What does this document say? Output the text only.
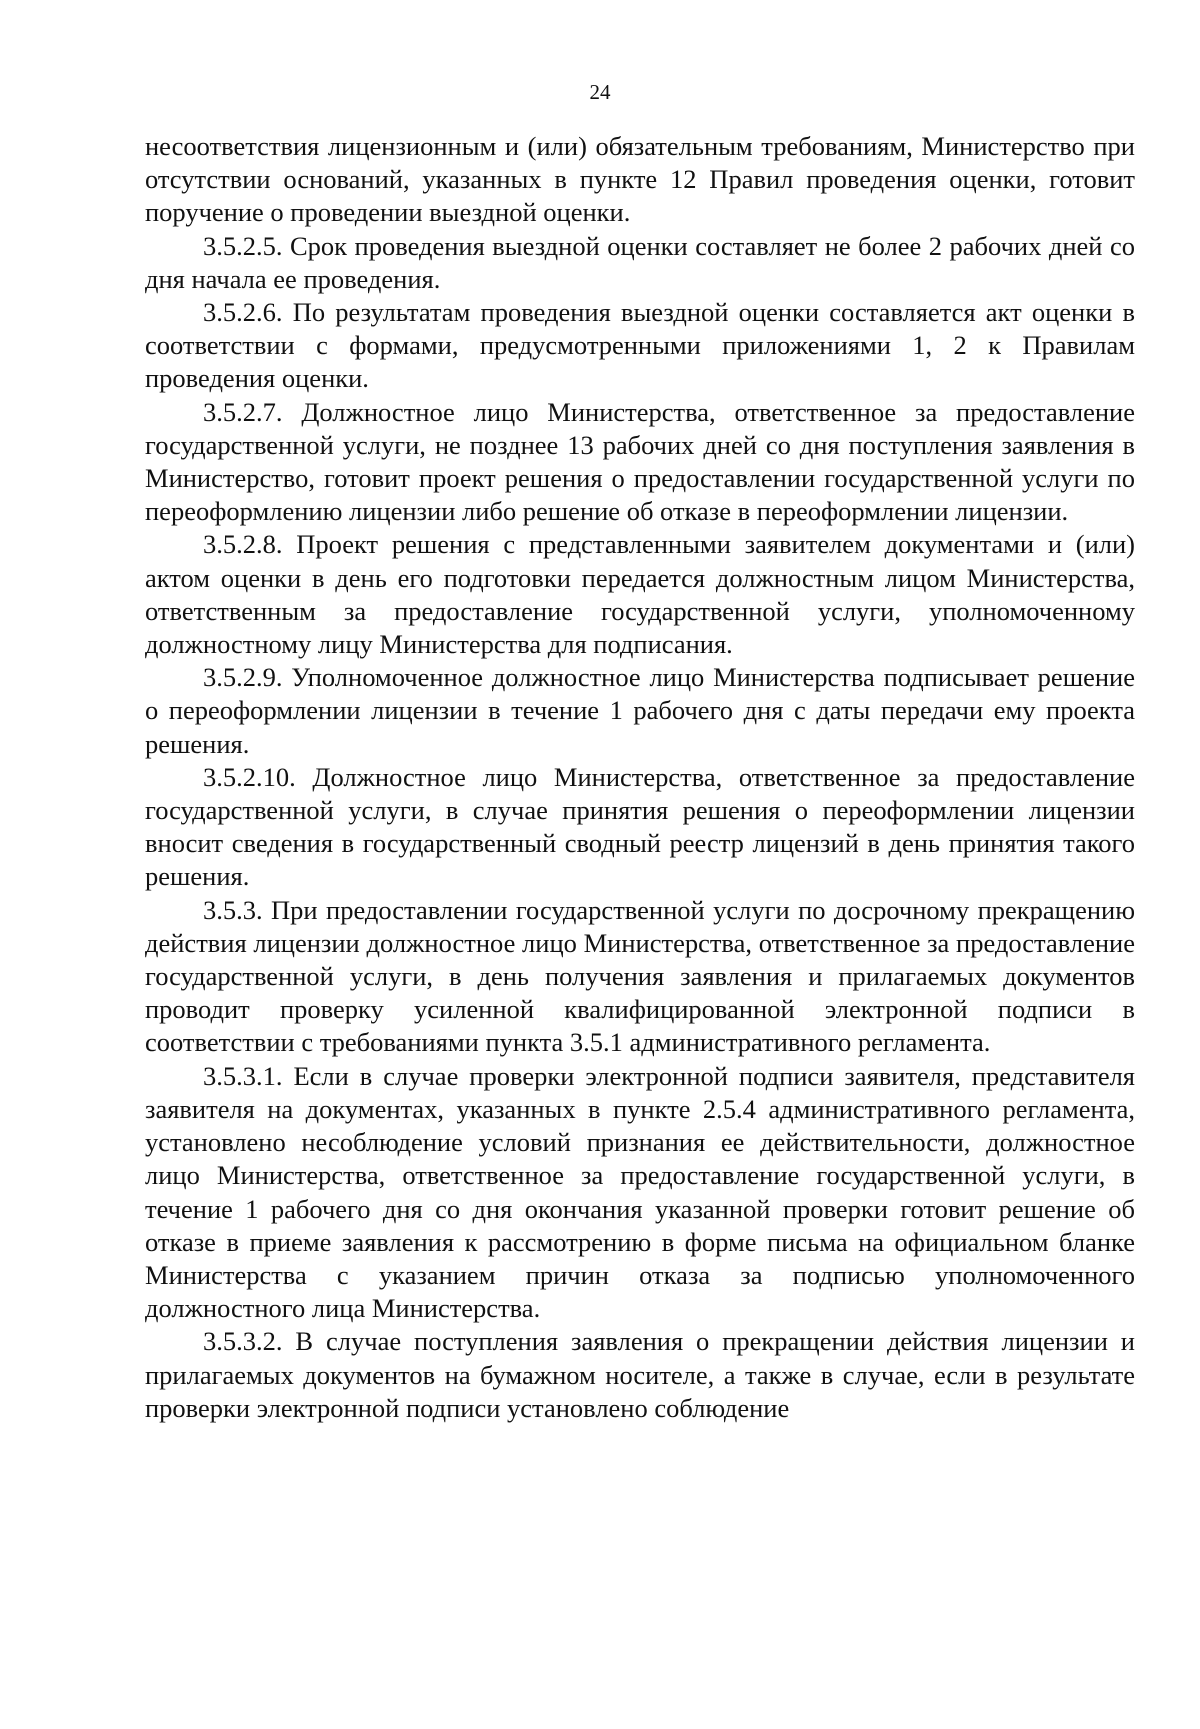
24

несоответствия лицензионным и (или) обязательным требованиям, Министерство при отсутствии оснований, указанных в пункте 12 Правил проведения оценки, готовит поручение о проведении выездной оценки.

3.5.2.5. Срок проведения выездной оценки составляет не более 2 рабочих дней со дня начала ее проведения.

3.5.2.6. По результатам проведения выездной оценки составляется акт оценки в соответствии с формами, предусмотренными приложениями 1, 2 к Правилам проведения оценки.

3.5.2.7. Должностное лицо Министерства, ответственное за предоставление государственной услуги, не позднее 13 рабочих дней со дня поступления заявления в Министерство, готовит проект решения о предоставлении государственной услуги по переоформлению лицензии либо решение об отказе в переоформлении лицензии.

3.5.2.8. Проект решения с представленными заявителем документами и (или) актом оценки в день его подготовки передается должностным лицом Министерства, ответственным за предоставление государственной услуги, уполномоченному должностному лицу Министерства для подписания.

3.5.2.9. Уполномоченное должностное лицо Министерства подписывает решение о переоформлении лицензии в течение 1 рабочего дня с даты передачи ему проекта решения.

3.5.2.10. Должностное лицо Министерства, ответственное за предоставление государственной услуги, в случае принятия решения о переоформлении лицензии вносит сведения в государственный сводный реестр лицензий в день принятия такого решения.

3.5.3. При предоставлении государственной услуги по досрочному прекращению действия лицензии должностное лицо Министерства, ответственное за предоставление государственной услуги, в день получения заявления и прилагаемых документов проводит проверку усиленной квалифицированной электронной подписи в соответствии с требованиями пункта 3.5.1 административного регламента.

3.5.3.1. Если в случае проверки электронной подписи заявителя, представителя заявителя на документах, указанных в пункте 2.5.4 административного регламента, установлено несоблюдение условий признания ее действительности, должностное лицо Министерства, ответственное за предоставление государственной услуги, в течение 1 рабочего дня со дня окончания указанной проверки готовит решение об отказе в приеме заявления к рассмотрению в форме письма на официальном бланке Министерства с указанием причин отказа за подписью уполномоченного должностного лица Министерства.

3.5.3.2. В случае поступления заявления о прекращении действия лицензии и прилагаемых документов на бумажном носителе, а также в случае, если в результате проверки электронной подписи установлено соблюдение
